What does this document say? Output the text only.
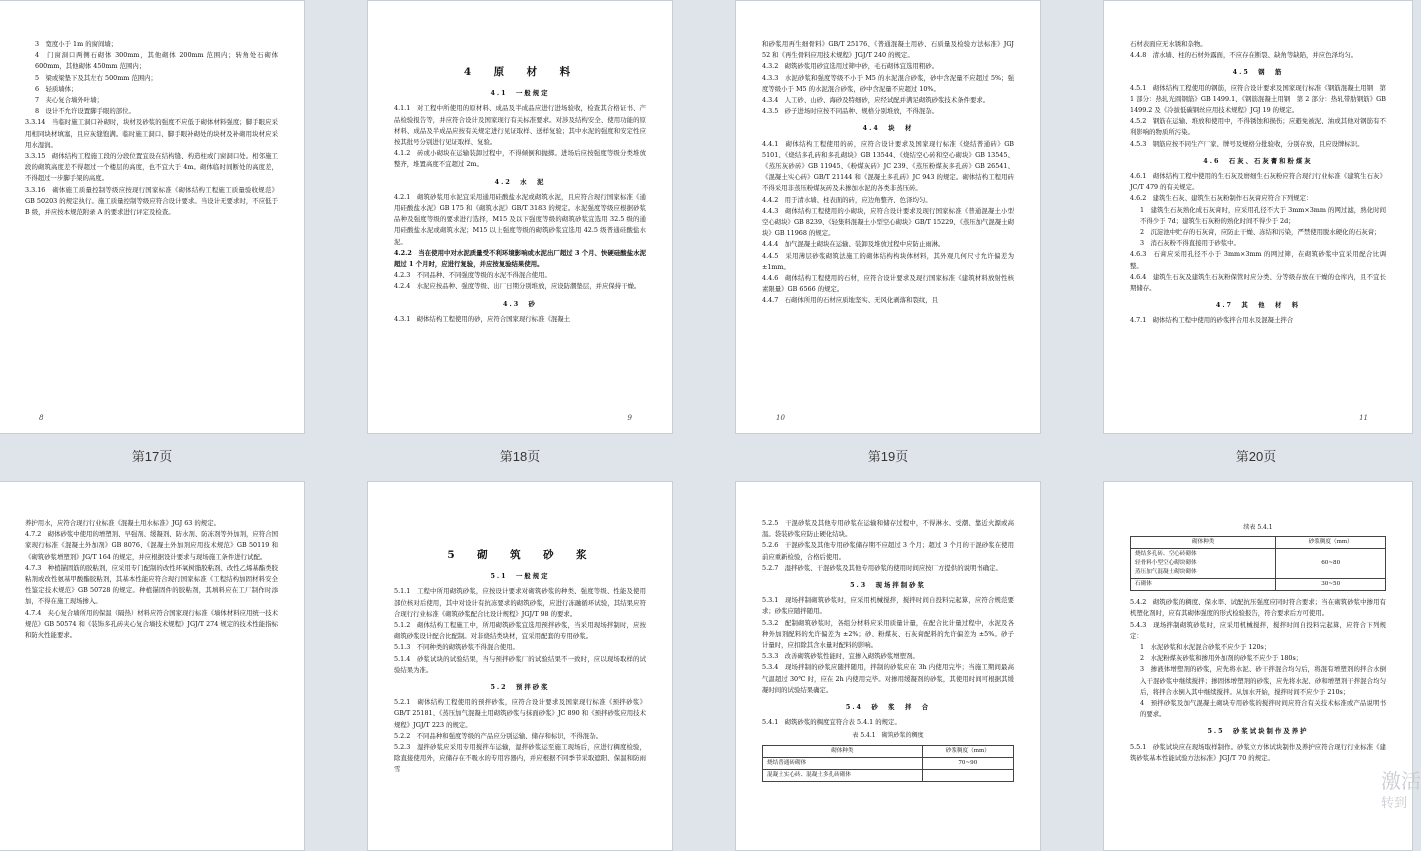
3　宽度小于 1m 的窗间墙；

4　门窗洞口两侧石砌体 300mm，其他砌体 200mm 范围内；转角处石砌体 600mm，其他砌体 450mm 范围内；

5　梁或梁垫下及其左右 500mm 范围内；

6　轻质墙体；

7　夹心复合墙外叶墙；

8　设计不允许设置脚手眼的部位。

3.3.14　当临时施工洞口补砌时，块材及砂浆的强度不应低于砌体材料强度；脚手眼应采用相同块材填塞，且应灰缝饱满。临时施工洞口、脚手眼补砌处的块材及补砌用块材应采用水湿润。

3.3.15　砌体结构工程施工段的分段位置宜设在结构缝、构造柱或门窗洞口处。相邻施工段的砌筑高度差不得超过一个楼层的高度，也不宜大于 4m。砌体临时间断处的高度差，不得超过一步脚手架的高度。

3.3.16　砌体施工质量控制等级应按现行国家标准《砌体结构工程施工质量验收规范》GB 50203 的规定执行。施工质量控制等级应符合设计要求。当设计无要求时，不应低于 B 级，并应按本规范附录 A 的要求进行评定及检查。

8
第17页
4　原　材　料

4.1　一般规定

4.1.1　对工程中所使用的原材料、成品及半成品应进行进场验收，检查其合格证书、产品检验报告等，并应符合设计及国家现行有关标准要求。对涉及结构安全、使用功能的原材料、成品及半成品应按有关规定进行见证取样、送样复验；其中水泥的强度和安定性应按其批号分别进行见证取样、复验。

4.1.2　砖或小砌块在运输装卸过程中，不得倾倒和抛掷。进场后应按强度等级分类堆放整齐，堆置高度不宜超过 2m。

4.2　水　泥

4.2.1　砌筑砂浆用水泥宜采用通用硅酸盐水泥或砌筑水泥，且应符合现行国家标准《通用硅酸盐水泥》GB 175 和《砌筑水泥》GB/T 3183 的规定。水泥强度等级应根据砂浆品种及强度等级的要求进行选择，M15 及以下强度等级的砌筑砂浆宜选用 32.5 级的通用硅酸盐水泥或砌筑水泥；M15 以上强度等级的砌筑砂浆宜选用 42.5 级普通硅酸盐水泥。

4.2.2　当在使用中对水泥质量受不利环境影响或水泥出厂超过 3 个月、快硬硅酸盐水泥超过 1 个月时，应进行复验，并应按复验结果使用。

4.2.3　不同品种、不同强度等级的水泥不得混合使用。

4.2.4　水泥应按品种、强度等级、出厂日期分别堆放，应设防潮垫层，并应保持干燥。

4.3　砂

4.3.1　砌体结构工程使用的砂，应符合国家现行标准《混凝土

9
第18页

和砂浆用再生细骨料》GB/T 25176、《普通混凝土用砂、石质量及检验方法标准》JGJ 52 和《再生骨料应用技术规程》JGJ/T 240 的规定。

4.3.2　砌筑砂浆用砂宜选用过筛中砂，毛石砌体宜选用粗砂。

4.3.3　水泥砂浆和强度等级不小于 M5 的水泥混合砂浆，砂中含泥量不应超过 5%；强度等级小于 M5 的水泥混合砂浆，砂中含泥量不应超过 10%。

4.3.4　人工砂、山砂、海砂及特细砂，应经试配并满足砌筑砂浆技术条件要求。

4.3.5　砂子进场时应按不同品种、规格分别堆放，不得混杂。

4.4　块　材

4.4.1　砌体结构工程使用的砖，应符合设计要求及国家现行标准《烧结普通砖》GB 5101、《烧结多孔砖和多孔砌块》GB 13544、《烧结空心砖和空心砌块》GB 13545、《蒸压灰砂砖》GB 11945、《粉煤灰砖》JC 239、《蒸压粉煤灰多孔砖》GB 26541、《混凝土实心砖》GB/T 21144 和《混凝土多孔砖》JC 943 的规定。砌体结构工程用砖不得采用非蒸压粉煤灰砖及未掺加水泥的各类非蒸压砖。

4.4.2　用于清水墙、柱表面的砖，应边角整齐、色泽均匀。

4.4.3　砌体结构工程使用的小砌块，应符合设计要求及现行国家标准《普通混凝土小型空心砌块》GB 8239、《轻集料混凝土小型空心砌块》GB/T 15229、《蒸压加气混凝土砌块》GB 11968 的规定。

4.4.4　加气混凝土砌块在运输、装卸及堆放过程中应防止雨淋。

4.4.5　采用薄层砂浆砌筑法施工的砌体结构构块体材料，其外观几何尺寸允许偏差为 ±1mm。

4.4.6　砌体结构工程使用的石材，应符合设计要求及现行国家标准《建筑材料放射性核素限量》GB 6566 的规定。

4.4.7　石砌体所用的石材应质地坚实、无风化剥落和裂纹，且

10
第19页

石材表面应无水锈和杂物。

4.4.8　清水墙、柱的石材外露面，不应存在断裂、缺角等缺陷，并应色泽均匀。

4.5　钢　筋

4.5.1　砌体结构工程使用的钢筋，应符合设计要求及国家现行标准《钢筋混凝土用钢　第 1 部分：热轧光圆钢筋》GB 1499.1、《钢筋混凝土用钢　第 2 部分：热轧带肋钢筋》GB 1499.2 及《冷拔低碳钢丝应用技术规程》JGJ 19 的规定。

4.5.2　钢筋在运输、堆放和使用中，不得锈蚀和损伤；应避免被泥、油或其他对钢筋有不利影响的物质所污染。

4.5.3　钢筋应按不同生产厂家、牌号及规格分批验收，分别存放，且应设牌标识。

4.6　石灰、石灰膏和粉煤灰

4.6.1　砌体结构工程中使用的生石灰及磨细生石灰粉应符合现行行业标准《建筑生石灰》JC/T 479 的有关规定。

4.6.2　建筑生石灰、建筑生石灰粉制作石灰膏应符合下列规定：

1　建筑生石灰熟化成石灰膏时，应采用孔径不大于 3mm×3mm 的网过滤，熟化时间不得少于 7d；建筑生石灰粉的熟化时间不得少于 2d；

2　沉淀池中贮存的石灰膏，应防止干燥、冻结和污染，严禁使用脱水硬化的石灰膏；

3　消石灰粉不得直接用于砂浆中。

4.6.3　石膏应采用孔径不小于 3mm×3mm 的网过筛，在砌筑砂浆中宜采用配合比调整。

4.6.4　建筑生石灰及建筑生石灰粉保管时应分类、分等级存放在干燥的仓库内，且不宜长期储存。

4.7　其　他　材　料

4.7.1　砌体结构工程中使用的砂浆拌合用水及混凝土拌合

11
第20页

养护用水，应符合现行行业标准《混凝土用水标准》JGJ 63 的规定。

4.7.2　砌体砂浆中使用的增塑剂、早强剂、缓凝剂、防水剂、防冻剂等外加剂，应符合国家现行标准《混凝土外加剂》GB 8076、《混凝土外加剂应用技术规范》GB 50119 和《砌筑砂浆增塑剂》JG/T 164 的规定，并应根据设计要求与现场施工条件进行试配。

4.7.3　种植锚固筋的胶粘剂，应采用专门配制的改性环氧树脂胶粘剂、改性乙烯基酯类胶粘剂或改性氨基甲酸酯胶粘剂，其基本性能应符合现行国家标准《工程结构加固材料安全性鉴定技术规范》GB 50728 的规定。种植锚固件的胶粘剂，其填料应在工厂制作时添加，不得在施工现场掺入。

4.7.4　夹心复合墙所用的保温（隔热）材料应符合国家现行标准《墙体材料应用统一技术规范》GB 50574 和《装饰多孔砖夹心复合墙技术规程》JGJ/T 274 规定的技术性能指标和防火性能要求。

5　砌　筑　砂　浆

5.1　一般规定

5.1.1　工程中所用砌筑砂浆，应按设计要求对砌筑砂浆的种类、强度等级、性能及使用部位核对后使用，其中对设计有抗冻要求的砌筑砂浆，应进行冻融循环试验，其结果应符合现行行业标准《砌筑砂浆配合比设计规程》JGJ/T 98 的要求。

5.1.2　砌体结构工程施工中，所用砌筑砂浆宜选用预拌砂浆，当采用现场拌制时，应按砌筑砂浆设计配合比配制。对非烧结类块材，宜采用配套的专用砂浆。

5.1.3　不同种类的砌筑砂浆不得混合使用。

5.1.4　砂浆试块的试验结果，当与预拌砂浆厂的试验结果不一致时，应以现场取样的试验结果为准。

5.2　预拌砂浆

5.2.1　砌体结构工程使用的预拌砂浆，应符合设计要求及国家现行标准《预拌砂浆》GB/T 25181、《蒸压加气混凝土用砌筑砂浆与抹面砂浆》JC 890 和《预拌砂浆应用技术规程》JGJ/T 223 的规定。

5.2.2　不同品种和强度等级的产品应分别运输、储存和标识，不得混杂。

5.2.3　湿拌砂浆应采用专用搅拌车运输，湿拌砂浆运至施工现场后，应进行稠度检验，除直接使用外，应储存在不吸水的专用容器内，并应根据不同季节采取遮阳、保温和防雨雪

5.2.5　干混砂浆及其他专用砂浆在运输和储存过程中，不得淋水、受潮、靠近火源或高温。袋装砂浆应防止硬化结块。

5.2.6　干混砂浆及其他专用砂浆储存期不应超过 3 个月；超过 3 个月的干混砂浆在使用前应重新检验，合格后使用。

5.2.7　湿拌砂浆、干混砂浆及其他专用砂浆的使用时间应按厂方提供的说明书确定。

5.3　现场拌制砂浆

5.3.1　现场拌制砌筑砂浆时，应采用机械搅拌，搅拌时间自投料完起算，应符合规范要求；砂浆应随拌随用。

5.3.2　配制砌筑砂浆时，各组分材料应采用质量计量，在配合比计量过程中，水泥及各种外加剂配料的允许偏差为 ±2%；砂、粉煤灰、石灰膏配料的允许偏差为 ±5%。砂子计量时，应扣除其含水量对配料的影响。

5.3.3　改善砌筑砂浆性能时，宜掺入砌筑砂浆增塑剂。

5.3.4　现场拌制的砂浆应随拌随用，拌制的砂浆应在 3h 内使用完毕；当施工期间最高气温超过 30℃ 时，应在 2h 内使用完毕。对掺用缓凝剂的砂浆，其使用时间可根据其缓凝时间的试验结果确定。

5.4　砂　浆　拌　合

5.4.1　砌筑砂浆的稠度宜符合表 5.4.1 的规定。

表 5.4.1　砌筑砂浆的稠度
砌体种类	砂浆稠度（mm）
烧结普通砖砌体	70~90
混凝土实心砖、混凝土多孔砖砌体	
续表 5.4.1
砌体种类	砂浆稠度（mm）
烧结多孔砖、空心砖砌体
轻骨料小型空心砌块砌体
蒸压加气混凝土砌块砌体	60~80
石砌体	30~50

5.4.2　砌筑砂浆的稠度、保水率、试配抗压强度应同时符合要求；当在砌筑砂浆中掺用有机塑化剂时，应有其砌体强度的形式检验报告，符合要求后方可使用。

5.4.3　现场拌制砌筑砂浆时，应采用机械搅拌，搅拌时间自投料完起算，应符合下列规定：

1　水泥砂浆和水泥混合砂浆不应少于 120s；

2　水泥粉煤灰砂浆和掺用外加剂的砂浆不应少于 180s；

3　掺液体增塑剂的砂浆，应先将水泥、砂干拌混合均匀后，将混有增塑剂的拌合水倒入干混砂浆中继续搅拌；掺固体增塑剂的砂浆，应先将水泥、砂和增塑剂干拌混合均匀后，将拌合水倒入其中继续搅拌。从加水开始，搅拌时间不应少于 210s；

4　预拌砂浆及加气混凝土砌块专用砂浆的搅拌时间应符合有关技术标准或产品说明书的要求。

5.5　砂浆试块制作及养护

5.5.1　砂浆试块应在现场取样制作。砂浆立方体试块制作及养护应符合现行行业标准《建筑砂浆基本性能试验方法标准》JGJ/T 70 的规定。

激活
转到
